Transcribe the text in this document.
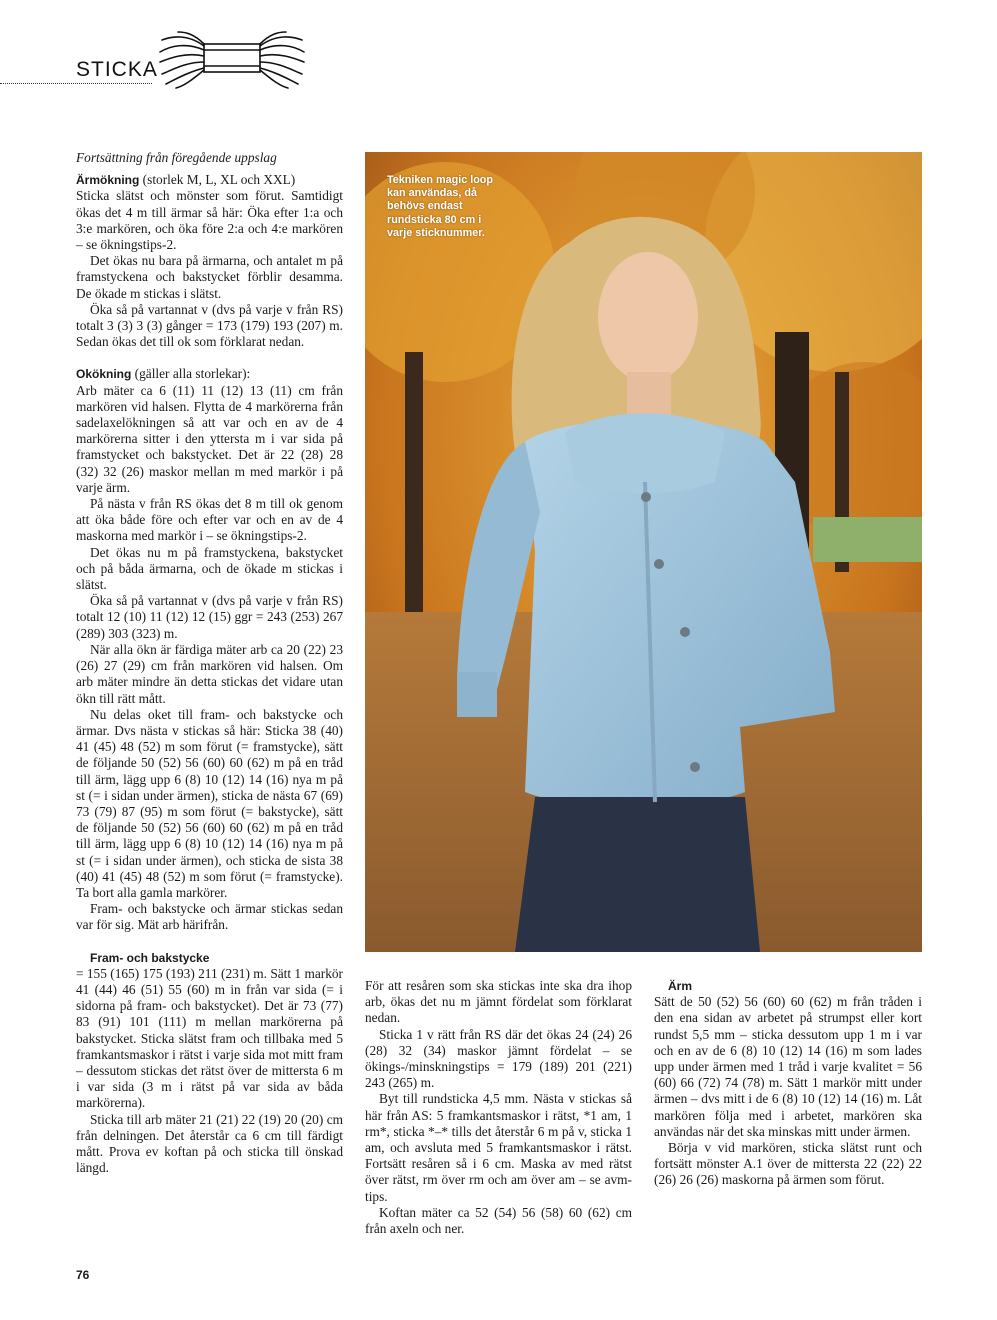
STICKA

Fortsättning från föregående uppslag

Ärmökning (storlek M, L, XL och XXL)
Sticka slätst och mönster som förut. Samtidigt ökas det 4 m till ärmar så här: Öka efter 1:a och 3:e markören, och öka före 2:a och 4:e markören – se ökningstips-2.

Det ökas nu bara på ärmarna, och antalet m på framstyckena och bakstycket förblir desamma. De ökade m stickas i slätst.

Öka så på vartannat v (dvs på varje v från RS) totalt 3 (3) 3 (3) gånger = 173 (179) 193 (207) m. Sedan ökas det till ok som förklarat nedan.

Okökning (gäller alla storlekar):
Arb mäter ca 6 (11) 11 (12) 13 (11) cm från markören vid halsen. Flytta de 4 markörerna från sadelaxelökningen så att var och en av de 4 markörerna sitter i den yttersta m i var sida på framstycket och bakstycket. Det är 22 (28) 28 (32) 32 (26) maskor mellan m med markör i på varje ärm.

På nästa v från RS ökas det 8 m till ok genom att öka både före och efter var och en av de 4 maskorna med markör i – se ökningstips-2.

Det ökas nu m på framstyckena, bakstycket och på båda ärmarna, och de ökade m stickas i slätst.

Öka så på vartannat v (dvs på varje v från RS) totalt 12 (10) 11 (12) 12 (15) ggr = 243 (253) 267 (289) 303 (323) m.

När alla ökn är färdiga mäter arb ca 20 (22) 23 (26) 27 (29) cm från markören vid halsen. Om arb mäter mindre än detta stickas det vidare utan ökn till rätt mått.

Nu delas oket till fram- och bakstycke och ärmar. Dvs nästa v stickas så här: Sticka 38 (40) 41 (45) 48 (52) m som förut (= framstycke), sätt de följande 50 (52) 56 (60) 60 (62) m på en tråd till ärm, lägg upp 6 (8) 10 (12) 14 (16) nya m på st (= i sidan under ärmen), sticka de nästa 67 (69) 73 (79) 87 (95) m som förut (= bakstycke), sätt de följande 50 (52) 56 (60) 60 (62) m på en tråd till ärm, lägg upp 6 (8) 10 (12) 14 (16) nya m på st (= i sidan under ärmen), och sticka de sista 38 (40) 41 (45) 48 (52) m som förut (= framstycke). Ta bort alla gamla markörer.

Fram- och bakstycke och ärmar stickas sedan var för sig. Mät arb härifrån.

Fram- och bakstycke

= 155 (165) 175 (193) 211 (231) m. Sätt 1 markör 41 (44) 46 (51) 55 (60) m in från var sida (= i sidorna på fram- och bakstycket). Det är 73 (77) 83 (91) 101 (111) m mellan markörerna på bakstycket. Sticka slätst fram och tillbaka med 5 framkantsmaskor i rätst i varje sida mot mitt fram – dessutom stickas det rätst över de mittersta 6 m i var sida (3 m i rätst på var sida av båda markörerna).

Sticka till arb mäter 21 (21) 22 (19) 20 (20) cm från delningen. Det återstår ca 6 cm till färdigt mått. Prova ev koftan på och sticka till önskad längd.

Tekniken magic loop kan användas, då behövs endast rundsticka 80 cm i varje sticknummer.

För att resåren som ska stickas inte ska dra ihop arb, ökas det nu m jämnt fördelat som förklarat nedan.

Sticka 1 v rätt från RS där det ökas 24 (24) 26 (28) 32 (34) maskor jämnt fördelat – se ökings-/minskningstips = 179 (189) 201 (221) 243 (265) m.

Byt till rundsticka 4,5 mm. Nästa v stickas så här från AS: 5 framkantsmaskor i rätst, *1 am, 1 rm*, sticka *–* tills det återstår 6 m på v, sticka 1 am, och avsluta med 5 framkantsmaskor i rätst. Fortsätt resåren så i 6 cm. Maska av med rätst över rätst, rm över rm och am över am – se avm-tips.

Koftan mäter ca 52 (54) 56 (58) 60 (62) cm från axeln och ner.

Ärm

Sätt de 50 (52) 56 (60) 60 (62) m från tråden i den ena sidan av arbetet på strumpst eller kort rundst 5,5 mm – sticka dessutom upp 1 m i var och en av de 6 (8) 10 (12) 14 (16) m som lades upp under ärmen med 1 tråd i varje kvalitet = 56 (60) 66 (72) 74 (78) m. Sätt 1 markör mitt under ärmen – dvs mitt i de 6 (8) 10 (12) 14 (16) m. Låt markören följa med i arbetet, markören ska användas när det ska minskas mitt under ärmen.

Börja v vid markören, sticka slätst runt och fortsätt mönster A.1 över de mittersta 22 (22) 22 (26) 26 (26) maskorna på ärmen som förut.

76
